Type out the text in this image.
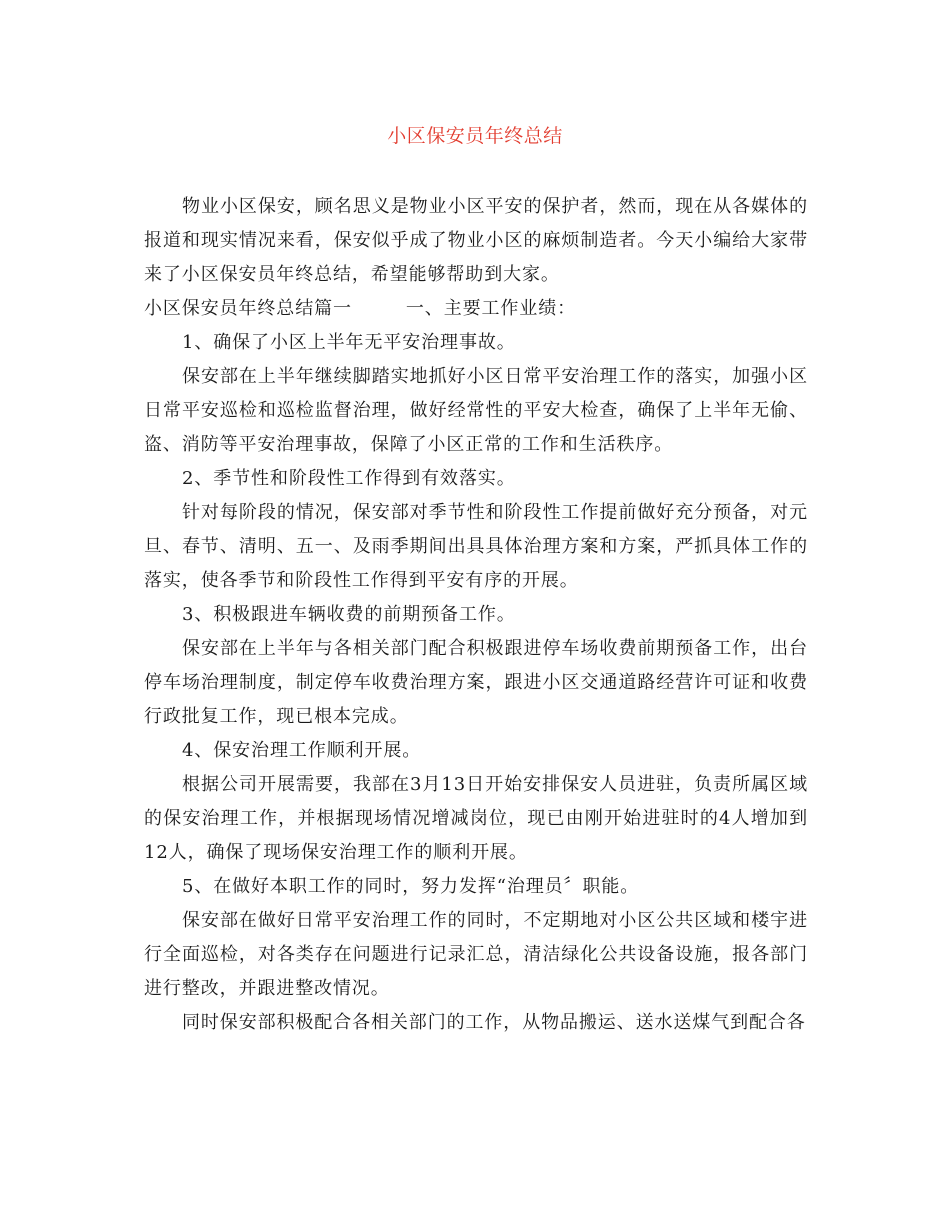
小区保安员年终总结

物业小区保安，顾名思义是物业小区平安的保护者，然而，现在从各媒体的报道和现实情况来看，保安似乎成了物业小区的麻烦制造者。今天小编给大家带来了小区保安员年终总结，希望能够帮助到大家。

小区保安员年终总结篇一	一、主要工作业绩：

1、确保了小区上半年无平安治理事故。

保安部在上半年继续脚踏实地抓好小区日常平安治理工作的落实，加强小区日常平安巡检和巡检监督治理，做好经常性的平安大检查，确保了上半年无偷、盗、消防等平安治理事故，保障了小区正常的工作和生活秩序。

2、季节性和阶段性工作得到有效落实。

针对每阶段的情况，保安部对季节性和阶段性工作提前做好充分预备，对元旦、春节、清明、五一、及雨季期间出具具体治理方案和方案，严抓具体工作的落实，使各季节和阶段性工作得到平安有序的开展。

3、积极跟进车辆收费的前期预备工作。

保安部在上半年与各相关部门配合积极跟进停车场收费前期预备工作，出台停车场治理制度，制定停车收费治理方案，跟进小区交通道路经营许可证和收费行政批复工作，现已根本完成。

4、保安治理工作顺利开展。

根据公司开展需要，我部在3月13日开始安排保安人员进驻，负责所属区域的保安治理工作，并根据现场情况增减岗位，现已由刚开始进驻时的4人增加到12人，确保了现场保安治理工作的顺利开展。

5、在做好本职工作的同时，努力发挥“治理员〞职能。

保安部在做好日常平安治理工作的同时，不定期地对小区公共区域和楼宇进行全面巡检，对各类存在问题进行记录汇总，清洁绿化公共设备设施，报各部门进行整改，并跟进整改情况。

同时保安部积极配合各相关部门的工作，从物品搬运、送水送煤气到配合各
